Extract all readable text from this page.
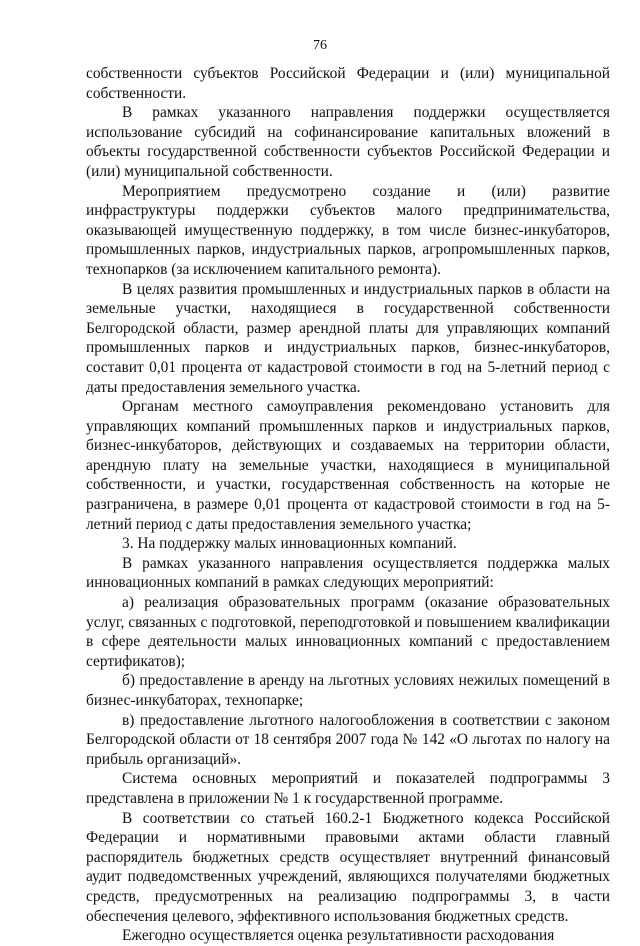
76

собственности субъектов Российской Федерации и (или) муниципальной собственности.

В рамках указанного направления поддержки осуществляется использование субсидий на софинансирование капитальных вложений в объекты государственной собственности субъектов Российской Федерации и (или) муниципальной собственности.

Мероприятием предусмотрено создание и (или) развитие инфраструктуры поддержки субъектов малого предпринимательства, оказывающей имущественную поддержку, в том числе бизнес-инкубаторов, промышленных парков, индустриальных парков, агропромышленных парков, технопарков (за исключением капитального ремонта).

В целях развития промышленных и индустриальных парков в области на земельные участки, находящиеся в государственной собственности Белгородской области, размер арендной платы для управляющих компаний промышленных парков и индустриальных парков, бизнес-инкубаторов, составит 0,01 процента от кадастровой стоимости в год на 5-летний период с даты предоставления земельного участка.

Органам местного самоуправления рекомендовано установить для управляющих компаний промышленных парков и индустриальных парков, бизнес-инкубаторов, действующих и создаваемых на территории области, арендную плату на земельные участки, находящиеся в муниципальной собственности, и участки, государственная собственность на которые не разграничена, в размере 0,01 процента от кадастровой стоимости в год на 5-летний период с даты предоставления земельного участка;

3. На поддержку малых инновационных компаний.

В рамках указанного направления осуществляется поддержка малых инновационных компаний в рамках следующих мероприятий:

а) реализация образовательных программ (оказание образовательных услуг, связанных с подготовкой, переподготовкой и повышением квалификации в сфере деятельности малых инновационных компаний с предоставлением сертификатов);

б) предоставление в аренду на льготных условиях нежилых помещений в бизнес-инкубаторах, технопарке;

в) предоставление льготного налогообложения в соответствии с законом Белгородской области от 18 сентября 2007 года № 142 «О льготах по налогу на прибыль организаций».

Система основных мероприятий и показателей подпрограммы 3 представлена в приложении № 1 к государственной программе.

В соответствии со статьей 160.2-1 Бюджетного кодекса Российской Федерации и нормативными правовыми актами области главный распорядитель бюджетных средств осуществляет внутренний финансовый аудит подведомственных учреждений, являющихся получателями бюджетных средств, предусмотренных на реализацию подпрограммы 3, в части обеспечения целевого, эффективного использования бюджетных средств.

Ежегодно осуществляется оценка результативности расходования
